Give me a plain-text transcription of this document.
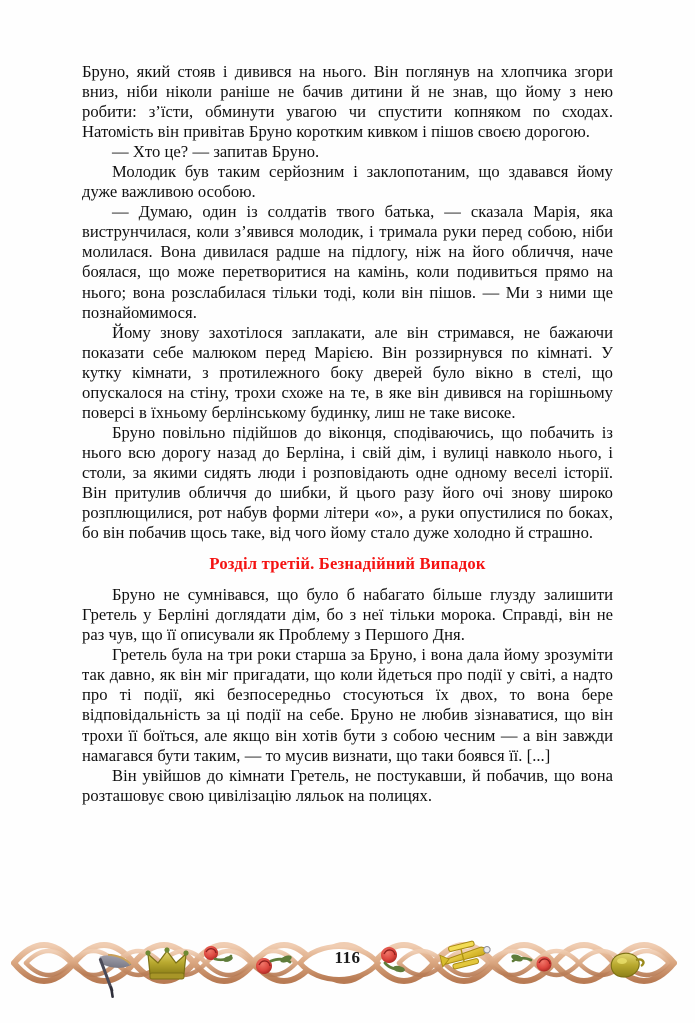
Бруно, який стояв і дивився на нього. Він поглянув на хлопчика згори вниз, ніби ніколи раніше не бачив дитини й не знав, що йому з нею робити: з’їсти, обминути увагою чи спустити копняком по сходах. Натомість він привітав Бруно коротким кивком і пішов своєю дорогою.

— Хто це? — запитав Бруно.

Молодик був таким серйозним і заклопотаним, що здавався йому дуже важливою особою.

— Думаю, один із солдатів твого батька, — сказала Марія, яка виструнчилася, коли з’явився молодик, і тримала руки перед собою, ніби молилася. Вона дивилася радше на підлогу, ніж на його обличчя, наче боялася, що може перетворитися на камінь, коли подивиться прямо на нього; вона розслабилася тільки тоді, коли він пішов. — Ми з ними ще познайомимося.

Йому знову захотілося заплакати, але він стримався, не бажаючи показати себе малюком перед Марією. Він роззирнувся по кімнаті. У кутку кімнати, з протилежного боку дверей було вікно в стелі, що опускалося на стіну, трохи схоже на те, в яке він дивився на горішньому поверсі в їхньому берлінському будинку, лиш не таке високе.

Бруно повільно підійшов до віконця, сподіваючись, що побачить із нього всю дорогу назад до Берліна, і свій дім, і вулиці навколо нього, і столи, за якими сидять люди і розповідають одне одному веселі історії. Він притулив обличчя до шибки, й цього разу його очі знову широко розплющилися, рот набув форми літери «о», а руки опустилися по боках, бо він побачив щось таке, від чого йому стало дуже холодно й страшно.

Розділ третій. Безнадійний Випадок

Бруно не сумнівався, що було б набагато більше глузду залишити Гретель у Берліні доглядати дім, бо з неї тільки морока. Справді, він не раз чув, що її описували як Проблему з Першого Дня.

Гретель була на три роки старша за Бруно, і вона дала йому зрозуміти так давно, як він міг пригадати, що коли йдеться про події у світі, а надто про ті події, які безпосередньо стосуються їх двох, то вона бере відповідальність за ці події на себе. Бруно не любив зізнаватися, що він трохи її боїться, але якщо він хотів бути з собою чесним — а він завжди намагався бути таким, — то мусив визнати, що таки боявся її. [...]

Він увійшов до кімнати Гретель, не постукавши, й побачив, що вона розташовує свою цивілізацію ляльок на полицях.

116
